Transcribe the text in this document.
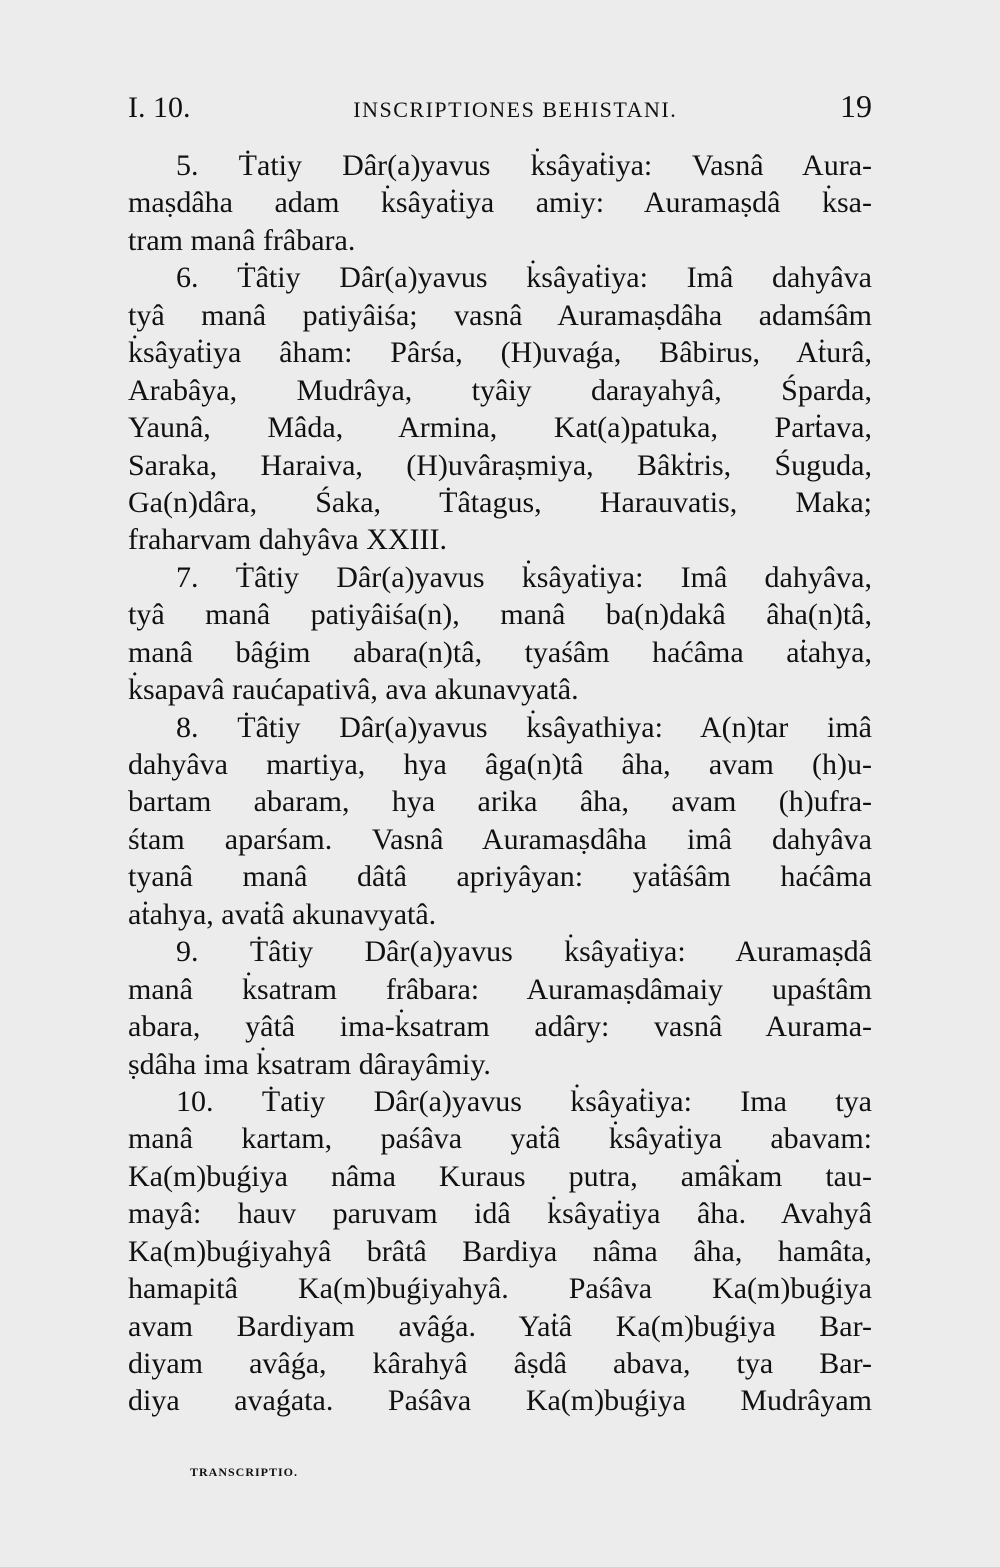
I. 10.	INSCRIPTIONES BEHISTANI.	19
5. Ṫatiy Dâr(a)yavus k̇sâyaṫiya: Vasnâ Aura-
maṣdâha adam k̇sâyaṫiya amiy: Auramaṣdâ k̇sa-
tram manâ frâbara.
6. Ṫâtiy Dâr(a)yavus k̇sâyaṫiya: Imâ dahyâva
tyâ manâ patiyâiśa; vasnâ Auramaṣdâha adamśâm
k̇sâyaṫiya âham: Pârśa, (H)uvaǵa, Bâbirus, Aṫurâ,
Arabâya, Mudrâya, tyâiy darayahyâ, Śparda,
Yaunâ, Mâda, Armina, Kat(a)patuka, Parṫava,
Saraka, Haraiva, (H)uvâraṣmiya, Bâkṫris, Śuguda,
Ga(n)dâra, Śaka, Ṫâtagus, Harauvatis, Maka;
fraharvam dahyâva XXIII.
7. Ṫâtiy Dâr(a)yavus k̇sâyaṫiya: Imâ dahyâva,
tyâ manâ patiyâiśa(n), manâ ba(n)dakâ âha(n)tâ,
manâ bâǵim abara(n)tâ, tyaśâm haćâma aṫahya,
k̇sapavâ raućapativâ, ava akunavyatâ.
8. Ṫâtiy Dâr(a)yavus k̇sâyathiya: A(n)tar imâ
dahyâva martiya, hya âga(n)tâ âha, avam (h)u-
bartam abaram, hya arika âha, avam (h)ufra-
śtam aparśam. Vasnâ Auramaṣdâha imâ dahyâva
tyanâ manâ dâtâ apriyâyan: yaṫâśâm haćâma
aṫahya, avaṫâ akunavyatâ.
9. Ṫâtiy Dâr(a)yavus k̇sâyaṫiya: Auramaṣdâ
manâ k̇satram frâbara: Auramaṣdâmaiy upaśtâm
abara, yâtâ ima-k̇satram adâry: vasnâ Aurama-
ṣdâha ima k̇satram dârayâmiy.
10. Ṫatiy Dâr(a)yavus k̇sâyaṫiya: Ima tya
manâ kartam, paśâva yaṫâ k̇sâyaṫiya abavam:
Ka(m)buǵiya nâma Kuraus putra, amâk̇am tau-
mayâ: hauv paruvam idâ k̇sâyaṫiya âha. Avahyâ
Ka(m)buǵiyahyâ brâtâ Bardiya nâma âha, hamâta,
hamapitâ Ka(m)buǵiyahyâ. Paśâva Ka(m)buǵiya
avam Bardiyam avâǵa. Yaṫâ Ka(m)buǵiya Bar-
diyam avâǵa, kârahyâ âṣdâ abava, tya Bar-
diya avaǵata. Paśâva Ka(m)buǵiya Mudrâyam
TRANSCRIPTIO.
